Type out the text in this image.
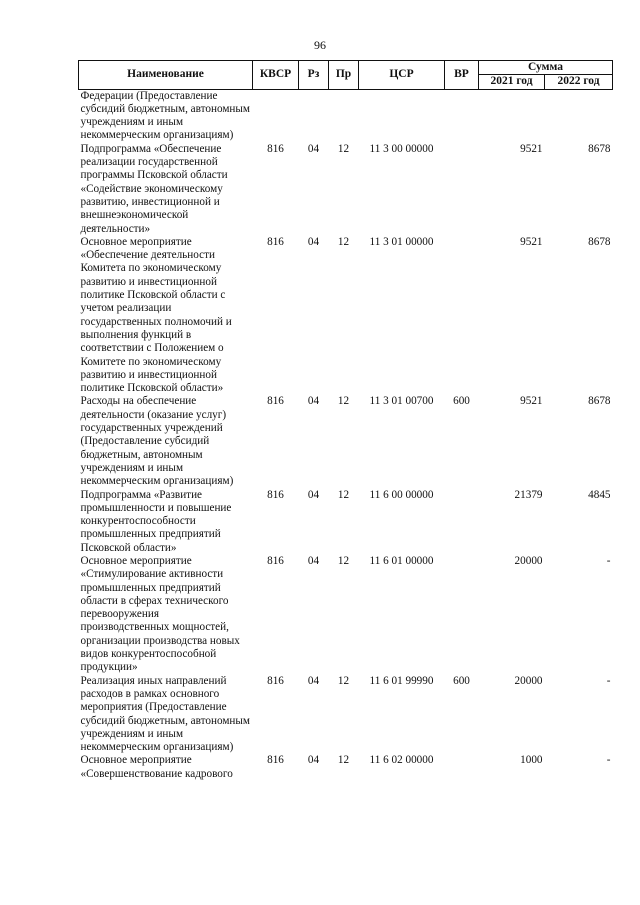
96
Наименование	КВСР	Рз	Пр	ЦСР	ВР	Сумма	
						2021 год	2022 год
Федерации (Предоставление субсидий бюджетным, автономным учреждениям и иным некоммерческим организациям)							
Подпрограмма «Обеспечение реализации государственной программы Псковской области «Содействие экономическому развитию, инвестиционной и внешнеэкономической деятельности»	816	04	12	11 3 00 00000		9521	8678
Основное мероприятие «Обеспечение деятельности Комитета по экономическому развитию и инвестиционной политике Псковской области с учетом реализации государственных полномочий и выполнения функций в соответствии с Положением о Комитете по экономическому развитию и инвестиционной политике Псковской области»	816	04	12	11 3 01 00000		9521	8678
Расходы на обеспечение деятельности (оказание услуг) государственных учреждений (Предоставление субсидий бюджетным, автономным учреждениям и иным некоммерческим организациям)	816	04	12	11 3 01 00700	600	9521	8678
Подпрограмма «Развитие промышленности и повышение конкурентоспособности промышленных предприятий Псковской области»	816	04	12	11 6 00 00000		21379	4845
Основное мероприятие «Стимулирование активности промышленных предприятий области в сферах технического перевооружения производственных мощностей, организации производства новых видов конкурентоспособной продукции»	816	04	12	11 6 01 00000		20000	-
Реализация иных направлений расходов в рамках основного мероприятия (Предоставление субсидий бюджетным, автономным учреждениям и иным некоммерческим организациям)	816	04	12	11 6 01 99990	600	20000	-
Основное мероприятие «Совершенствование кадрового	816	04	12	11 6 02 00000		1000	-
